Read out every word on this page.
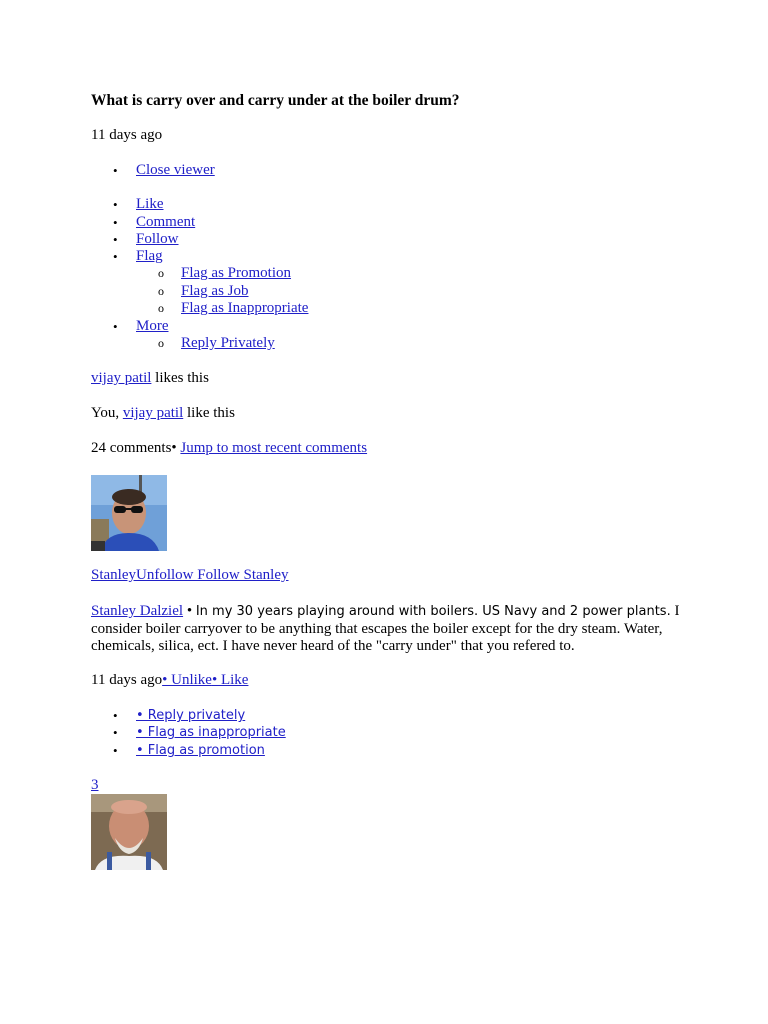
What is carry over and carry under at the boiler drum?
11 days ago
• Close viewer
• Like
• Comment
• Follow
• Flag
o Flag as Promotion
o Flag as Job
o Flag as Inappropriate
• More
o Reply Privately
vijay patil likes this
You, vijay patil like this
24 comments• Jump to most recent comments
StanleyUnfollow Follow Stanley
Stanley Dalziel • In my 30 years playing around with boilers. US Navy and 2 power plants. I consider boiler carryover to be anything that escapes the boiler except for the dry steam. Water, chemicals, silica, ect. I have never heard of the "carry under" that you refered to.
11 days ago• Unlike• Like
• • Reply privately
• • Flag as inappropriate
• • Flag as promotion
3
